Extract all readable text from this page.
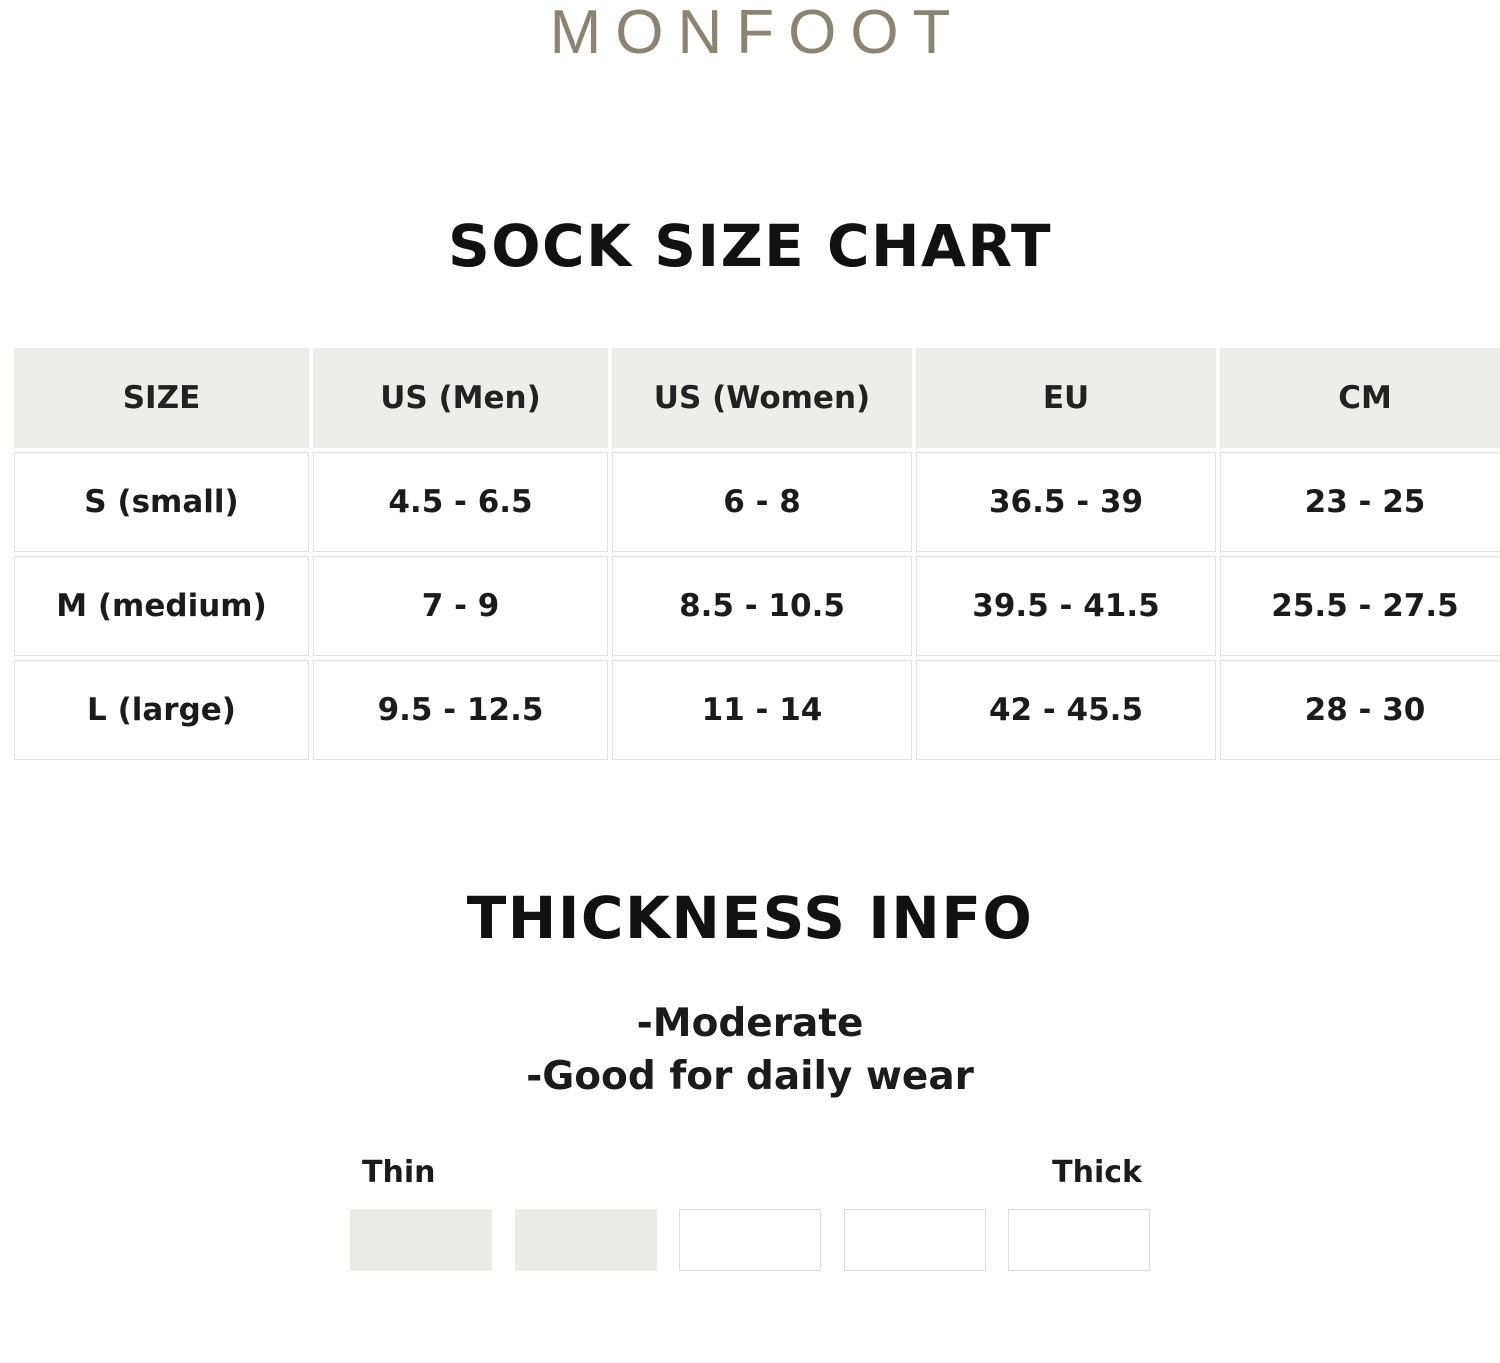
MONFOOT
SOCK SIZE CHART
SIZE	US (Men)	US (Women)	EU	CM
S (small)	4.5 - 6.5	6 - 8	36.5 - 39	23 - 25
M (medium)	7 - 9	8.5 - 10.5	39.5 - 41.5	25.5 - 27.5
L (large)	9.5 - 12.5	11 - 14	42 - 45.5	28 - 30
THICKNESS INFO
-Moderate
-Good for daily wear
Thin	Thick
